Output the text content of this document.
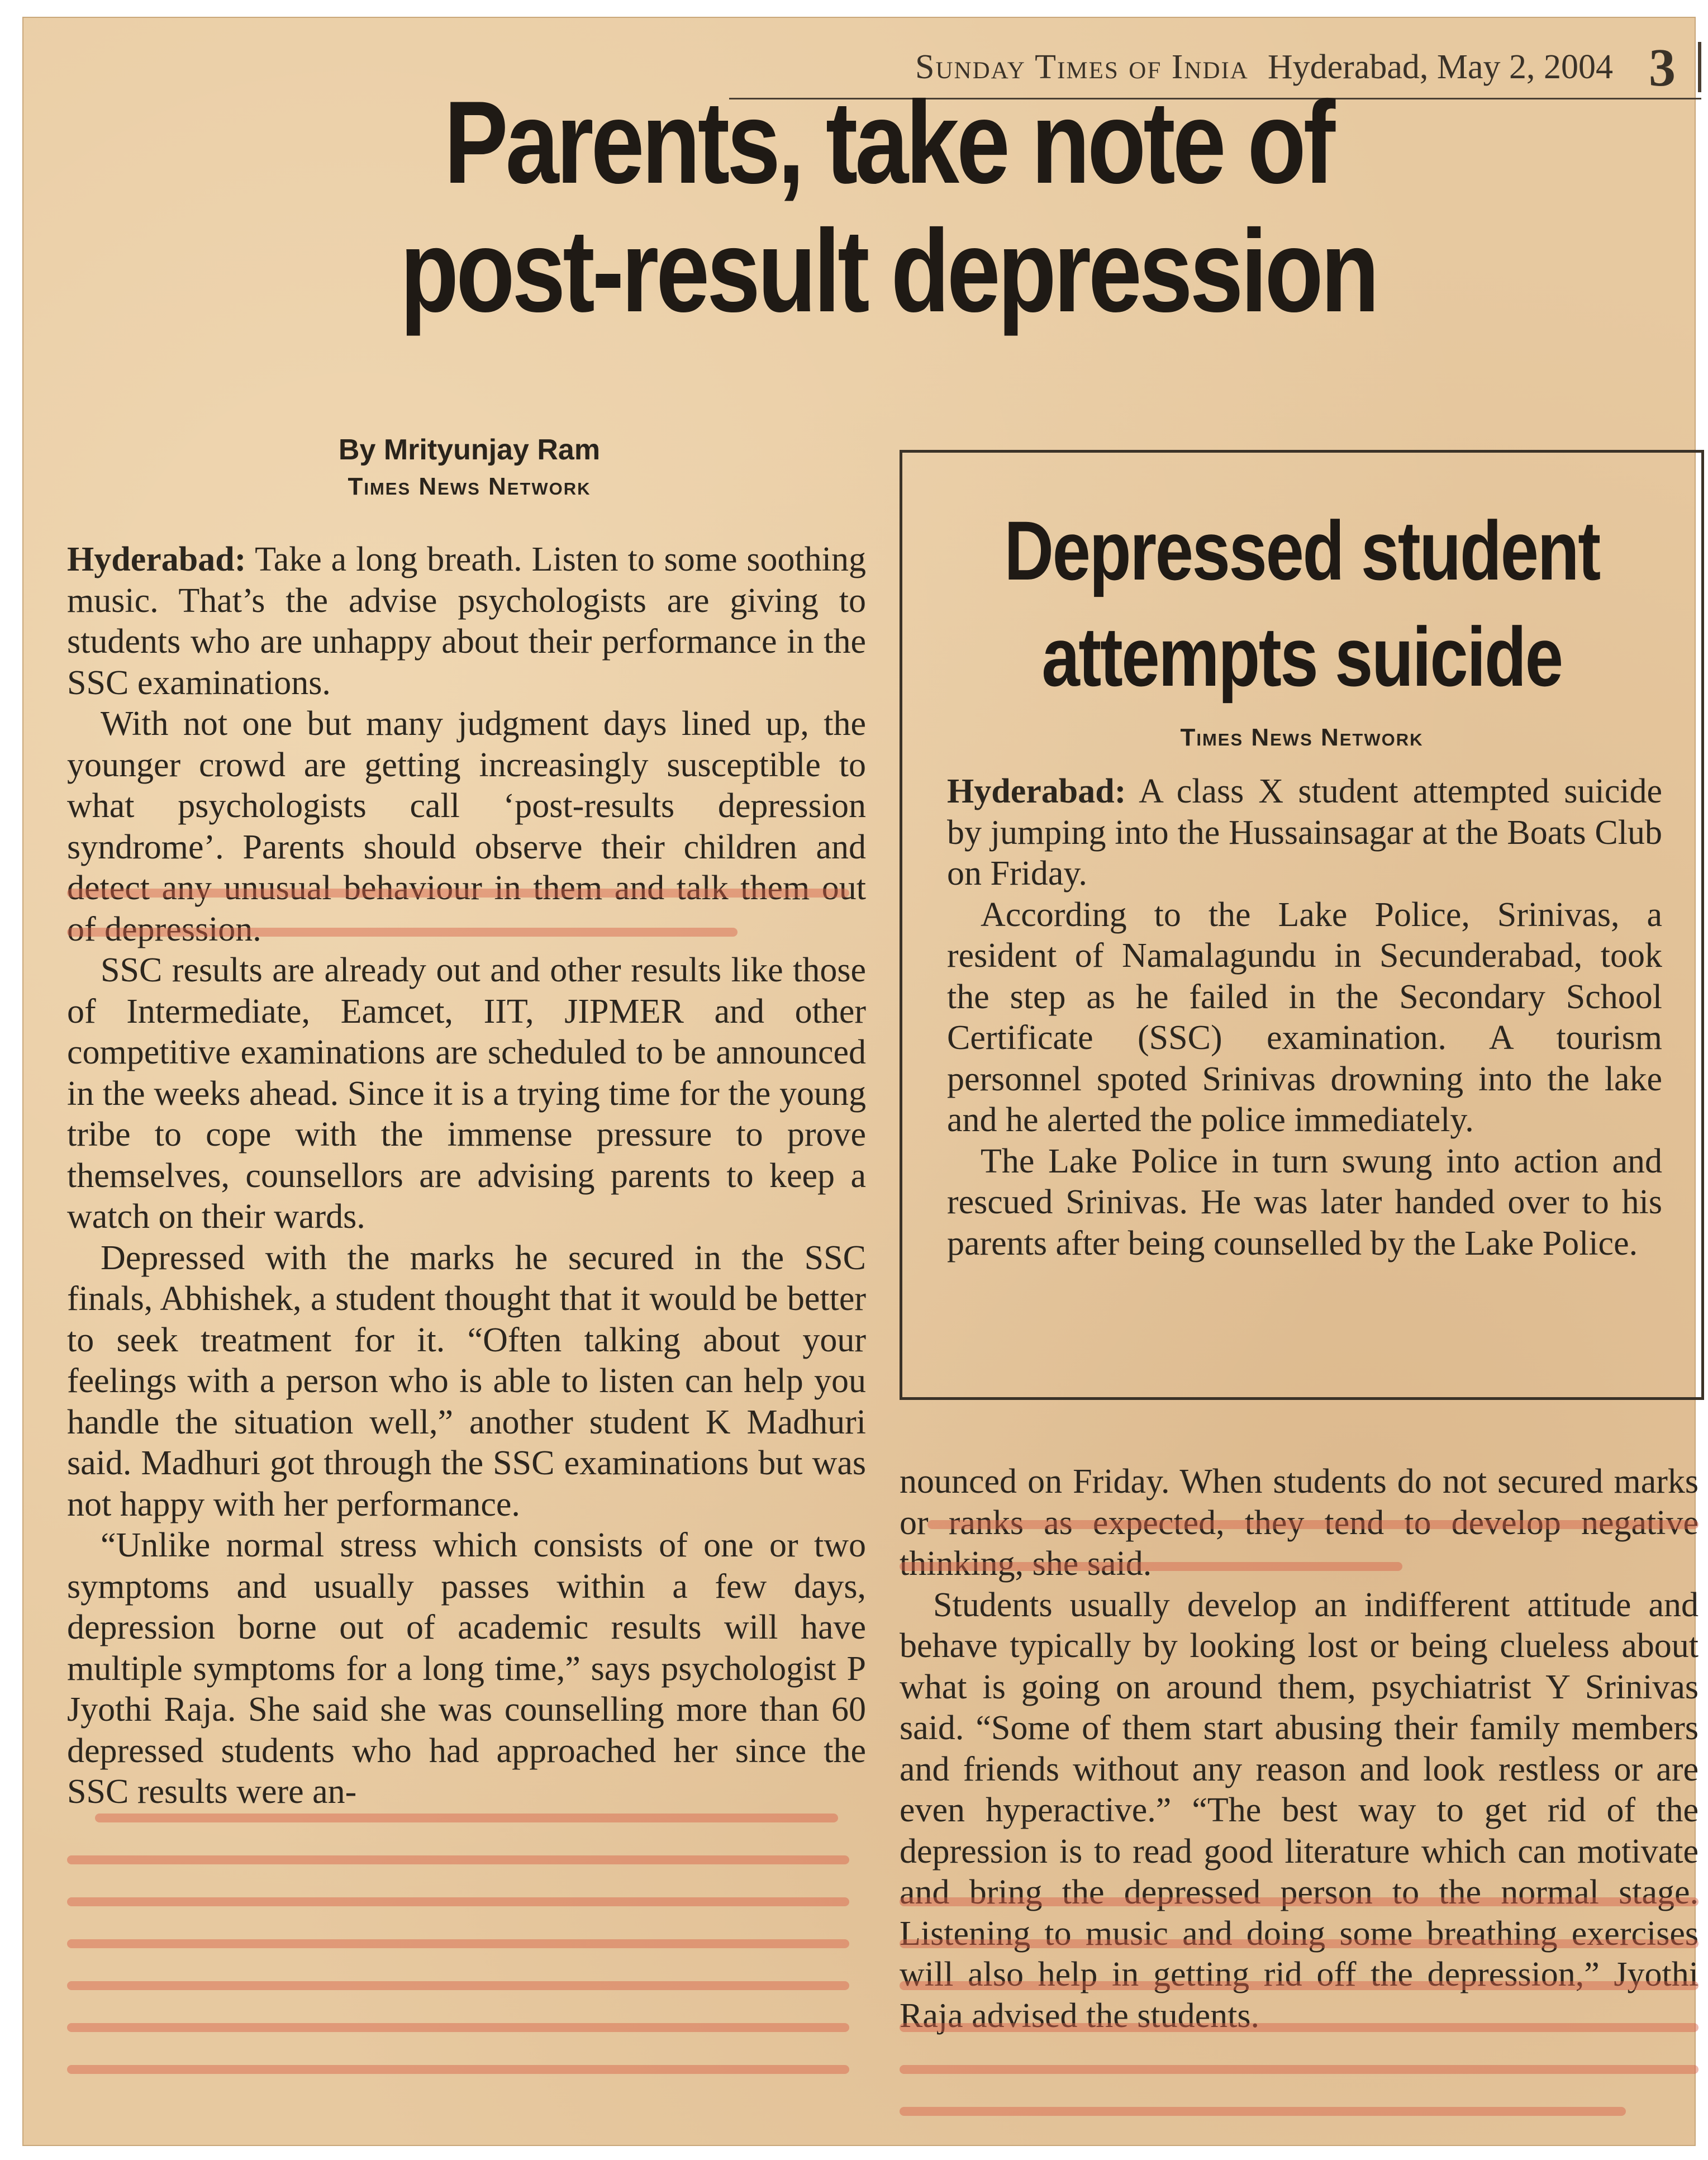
Sunday Times of India Hyderabad, May 2, 2004 3
Parents, take note of
post-result depression
By Mrityunjay Ram
Times News Network

Hyderabad: Take a long breath. Listen to some soothing music. That’s the advise psychologists are giving to students who are unhappy about their performance in the SSC examinations.

With not one but many judgment days lined up, the younger crowd are getting increasingly susceptible to what psychologists call ‘post-results depression syndrome’. Parents should observe their children and detect any unusual behaviour in them and talk them out of depression.

SSC results are already out and other results like those of Intermediate, Eamcet, IIT, JIPMER and other competitive examinations are scheduled to be announced in the weeks ahead. Since it is a trying time for the young tribe to cope with the immense pressure to prove themselves, counsellors are advising parents to keep a watch on their wards.

Depressed with the marks he secured in the SSC finals, Abhishek, a student thought that it would be better to seek treatment for it. “Often talking about your feelings with a person who is able to listen can help you handle the situation well,” another student K Madhuri said. Madhuri got through the SSC examinations but was not happy with her performance.

“Unlike normal stress which consists of one or two symptoms and usually passes within a few days, depression borne out of academic results will have multiple symptoms for a long time,” says psychologist P Jyothi Raja. She said she was counselling more than 60 depressed students who had approached her since the SSC results were an-

Depressed student
attempts suicide
Times News Network

Hyderabad: A class X student attempted suicide by jumping into the Hussainsagar at the Boats Club on Friday.

According to the Lake Police, Srinivas, a resident of Namalagundu in Secunderabad, took the step as he failed in the Secondary School Certificate (SSC) examination. A tourism personnel spoted Srinivas drowning into the lake and he alerted the police immediately.

The Lake Police in turn swung into action and rescued Srinivas. He was later handed over to his parents after being counselled by the Lake Police.

nounced on Friday. When students do not secured marks or ranks as expected, they tend to develop negative thinking, she said.

Students usually develop an indifferent attitude and behave typically by looking lost or being clueless about what is going on around them, psychiatrist Y Srinivas said. “Some of them start abusing their family members and friends without any reason and look restless or are even hyperactive.” “The best way to get rid of the depression is to read good literature which can motivate and bring the depressed person to the normal stage. Listening to music and doing some breathing exercises will also help in getting rid off the depression,” Jyothi Raja advised the students.
